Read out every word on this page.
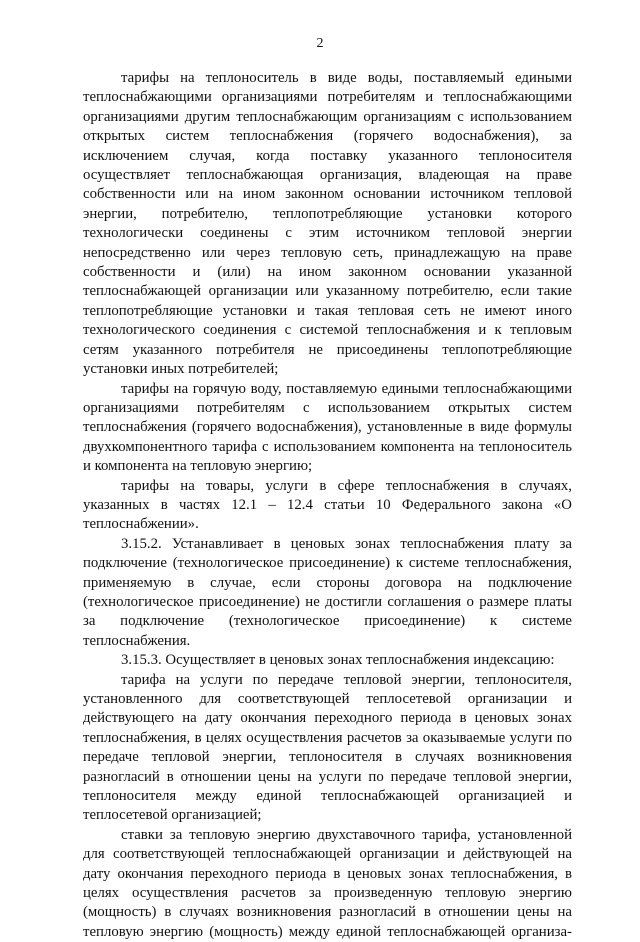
2

тарифы на теплоноситель в виде воды, поставляемый едиными теплоснабжающими организациями потребителям и теплоснабжающими организациями другим теплоснабжающим организациям с использованием открытых систем теплоснабжения (горячего водоснабжения), за исключением случая, когда поставку указанного теплоносителя осуществляет теплоснабжающая организация, владеющая на праве собственности или на ином законном основании источником тепловой энергии, потребителю, теплопотребляющие установки которого технологически соединены с этим источником тепловой энергии непосредственно или через тепловую сеть, принадлежащую на праве собственности и (или) на ином законном основании указанной теплоснабжающей организации или указанному потребителю, если такие теплопотребляющие установки и такая тепловая сеть не имеют иного технологического соединения с системой теплоснабжения и к тепловым сетям указанного потребителя не присоединены теплопотребляющие установки иных потребителей;

тарифы на горячую воду, поставляемую едиными теплоснабжающими организациями потребителям с использованием открытых систем теплоснабжения (горячего водоснабжения), установленные в виде формулы двухкомпонентного тарифа с использованием компонента на теплоноситель и компонента на тепловую энергию;

тарифы на товары, услуги в сфере теплоснабжения в случаях, указанных в частях 12.1 – 12.4 статьи 10 Федерального закона «О теплоснабжении».

3.15.2. Устанавливает в ценовых зонах теплоснабжения плату за подключение (технологическое присоединение) к системе теплоснабжения, применяемую в случае, если стороны договора на подключение (технологическое присоединение) не достигли соглашения о размере платы за подключение (технологическое присоединение) к системе теплоснабжения.

3.15.3. Осуществляет в ценовых зонах теплоснабжения индексацию:

тарифа на услуги по передаче тепловой энергии, теплоносителя, установленного для соответствующей теплосетевой организации и действующего на дату окончания переходного периода в ценовых зонах теплоснабжения, в целях осуществления расчетов за оказываемые услуги по передаче тепловой энергии, теплоносителя в случаях возникновения разногласий в отношении цены на услуги по передаче тепловой энергии, теплоносителя между единой теплоснабжающей организацией и теплосетевой организацией;

ставки за тепловую энергию двухставочного тарифа, установленной для соответствующей теплоснабжающей организации и действующей на дату окончания переходного периода в ценовых зонах теплоснабжения, в целях осуществления расчетов за произведенную тепловую энергию (мощность) в случаях возникновения разногласий в отношении цены на тепловую энергию (мощность) между единой теплоснабжающей организа-
